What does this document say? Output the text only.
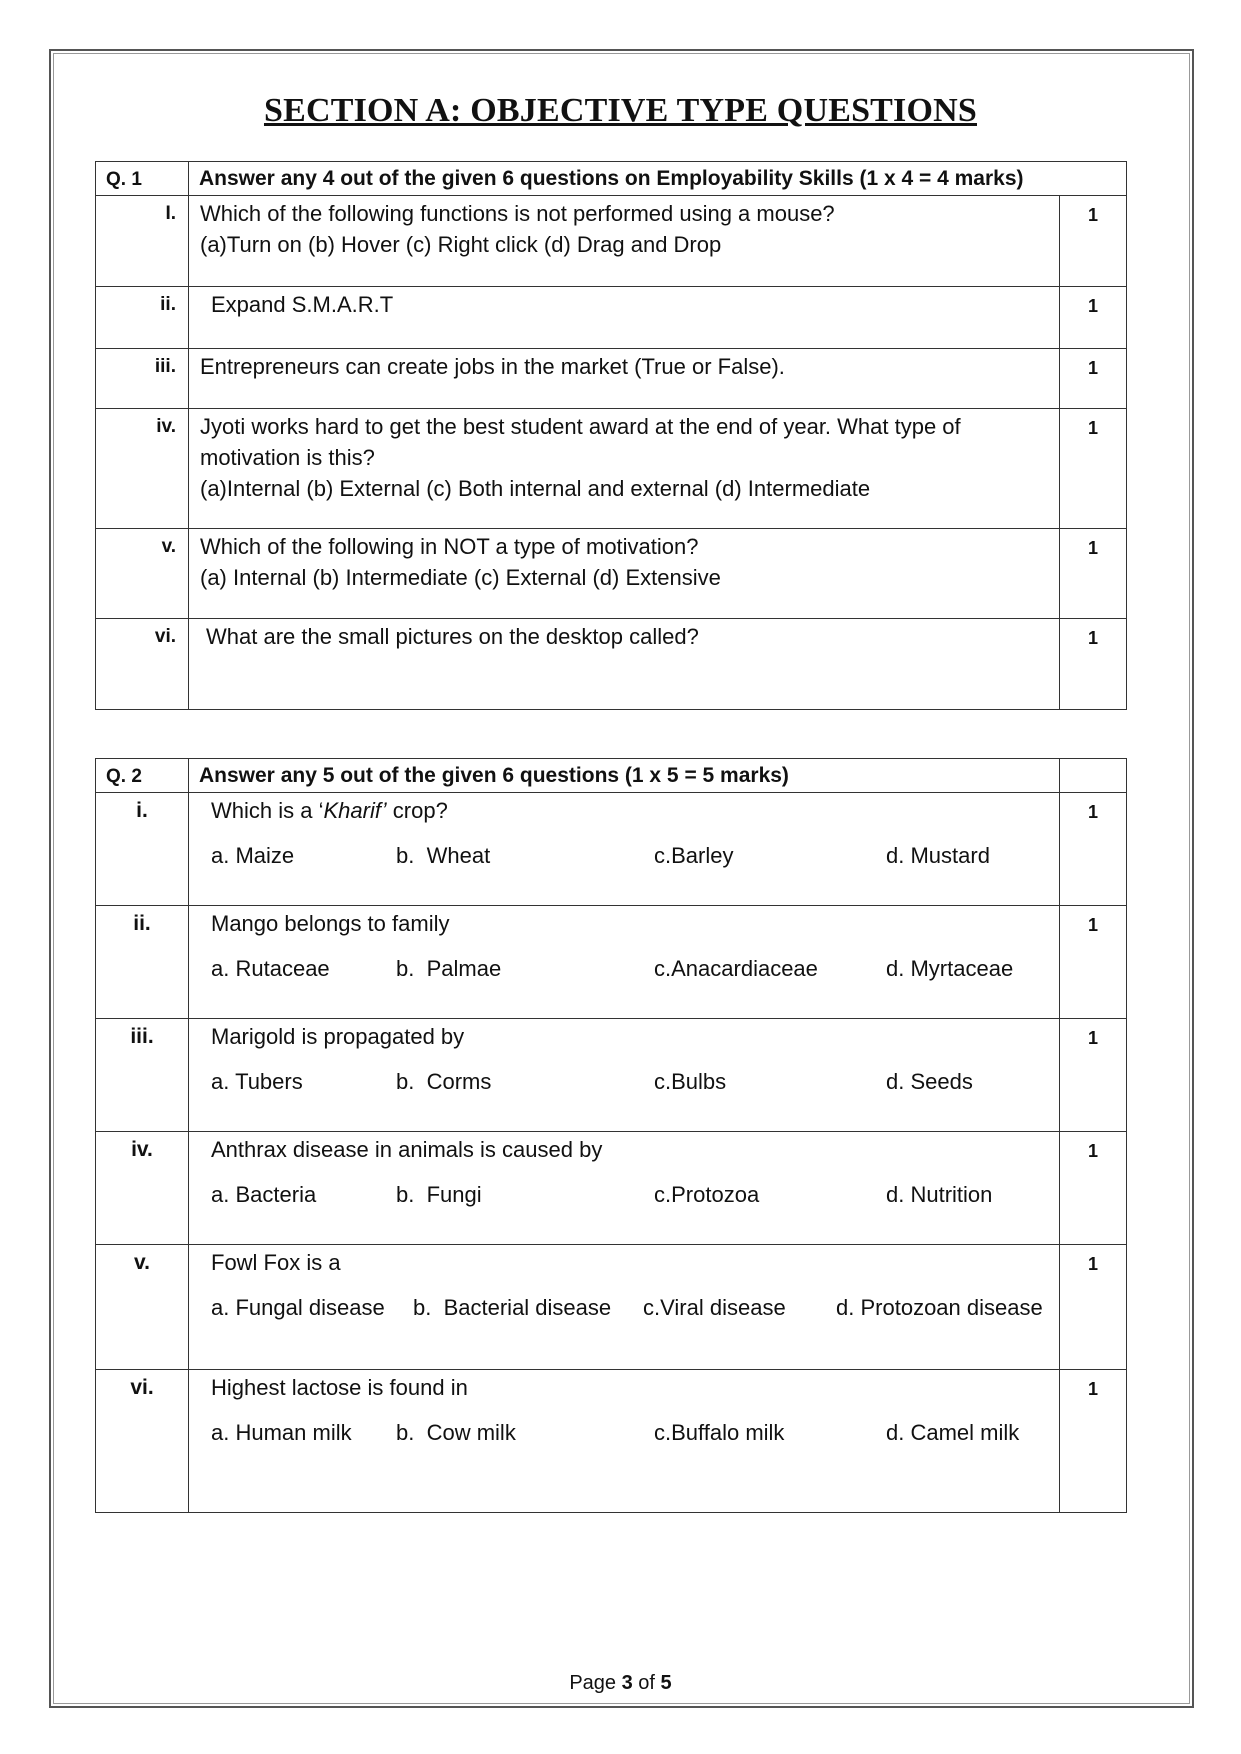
SECTION A: OBJECTIVE TYPE QUESTIONS
Q. 1	Answer any 4 out of the given 6 questions on Employability Skills (1 x 4 = 4 marks)	
I.	Which of the following functions is not performed using a mouse?
(a)Turn on (b) Hover (c) Right click (d) Drag and Drop	1
ii.	Expand S.M.A.R.T	1
iii.	Entrepreneurs can create jobs in the market (True or False).	1
iv.	Jyoti works hard to get the best student award at the end of year. What type of
motivation is this?
(a)Internal (b) External (c) Both internal and external (d) Intermediate	1
v.	Which of the following in NOT a type of motivation?
(a) Internal (b) Intermediate (c) External (d) Extensive	1
vi.	What are the small pictures on the desktop called?	1
Q. 2	Answer any 5 out of the given 6 questions (1 x 5 = 5 marks)	
i.	Which is a ‘Kharif’ crop?
a. Maize b. Wheat c.Barley d. Mustard	1
ii.	Mango belongs to family
a. Rutaceae b. Palmae c.Anacardiaceae d. Myrtaceae	1
iii.	Marigold is propagated by
a. Tubers b. Corms c.Bulbs d. Seeds	1
iv.	Anthrax disease in animals is caused by
a. Bacteria b. Fungi c.Protozoa d. Nutrition	1
v.	Fowl Fox is a
a. Fungal disease b. Bacterial disease c.Viral disease d. Protozoan disease	1
vi.	Highest lactose is found in
a. Human milk b. Cow milk c.Buffalo milk d. Camel milk	1
Page 3 of 5
